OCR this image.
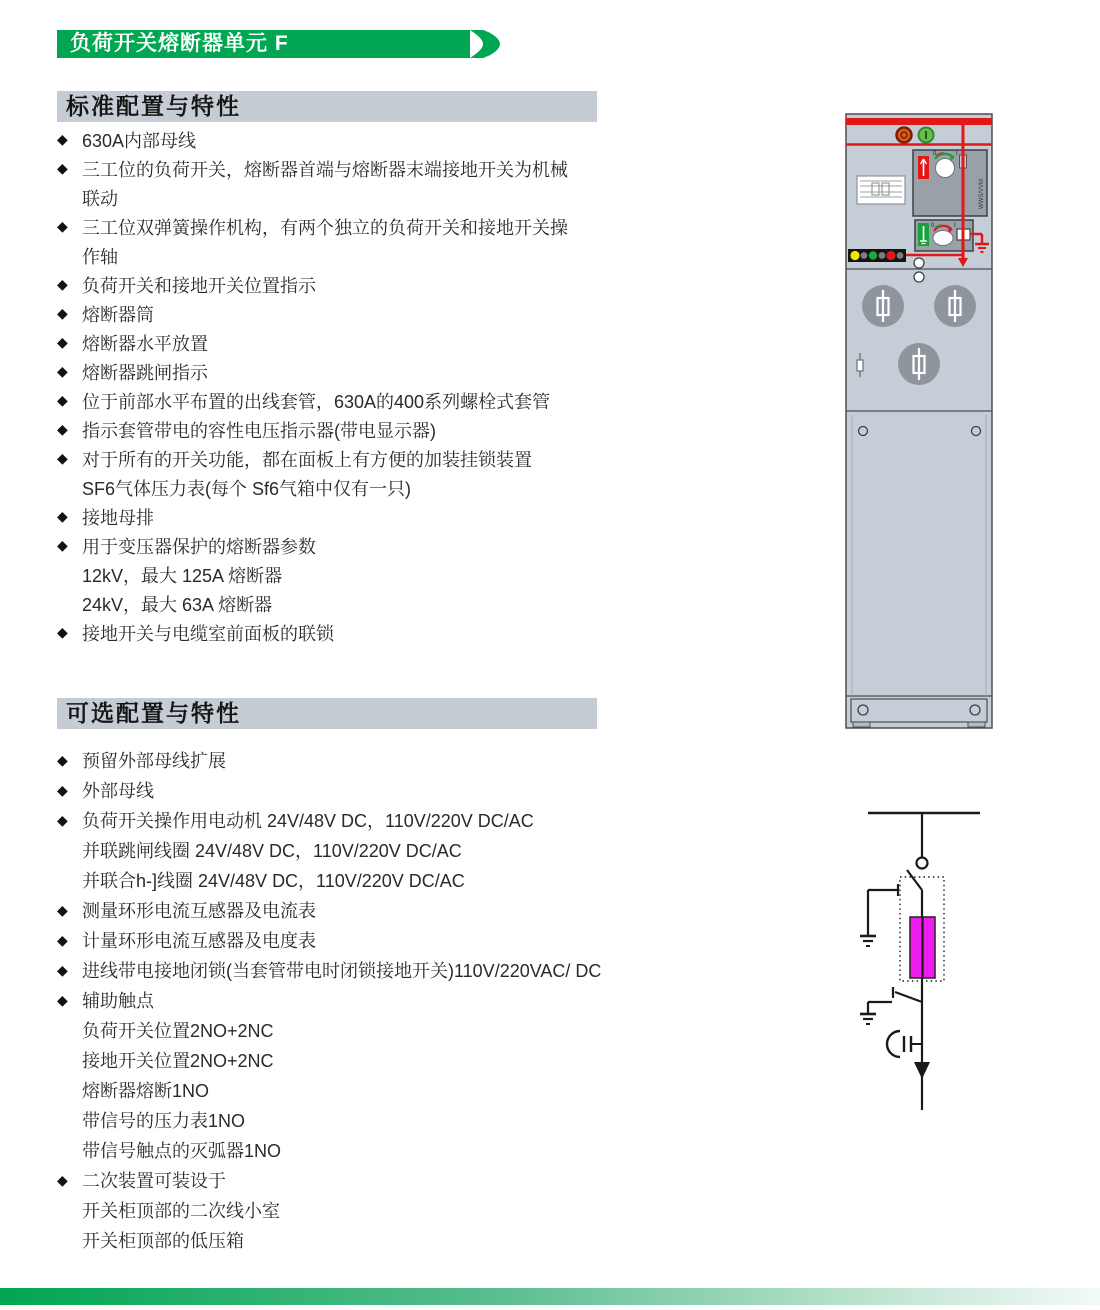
负荷开关熔断器单元 F
标准配置与特性
可选配置与特性
◆ 630A内部母线
◆ 三工位的负荷开关，熔断器首端与熔断器末端接地开关为机械
联动
◆ 三工位双弹簧操作机构，有两个独立的负荷开关和接地开关操
作轴
◆ 负荷开关和接地开关位置指示
◆ 熔断器筒
◆ 熔断器水平放置
◆ 熔断器跳闸指示
◆ 位于前部水平布置的出线套管，630A的400系列螺栓式套管
◆ 指示套管带电的容性电压指示器(带电显示器)
◆ 对于所有的开关功能，都在面板上有方便的加装挂锁装置
SF6气体压力表(每个 Sf6气箱中仅有一只)
◆ 接地母排
◆ 用于变压器保护的熔断器参数
12kV，最大 125A 熔断器
24kV，最大 63A 熔断器
◆ 接地开关与电缆室前面板的联锁
◆ 预留外部母线扩展
◆ 外部母线
◆ 负荷开关操作用电动机 24V/48V DC，110V/220V DC/AC
并联跳闸线圈 24V/48V DC，110V/220V DC/AC
并联合h-]线圈 24V/48V DC，110V/220V DC/AC
◆ 测量环形电流互感器及电流表
◆ 计量环形电流互感器及电度表
◆ 进线带电接地闭锁(当套管带电时闭锁接地开关)110V/220VAC/ DC
◆ 辅助触点
负荷开关位置2NO+2NC
接地开关位置2NO+2NC
熔断器熔断1NO
带信号的压力表1NO
带信号触点的灭弧器1NO
◆ 二次装置可装设于
开关柜顶部的二次线小室
开关柜顶部的低压箱
0	I
WWS/VVM
0	I
